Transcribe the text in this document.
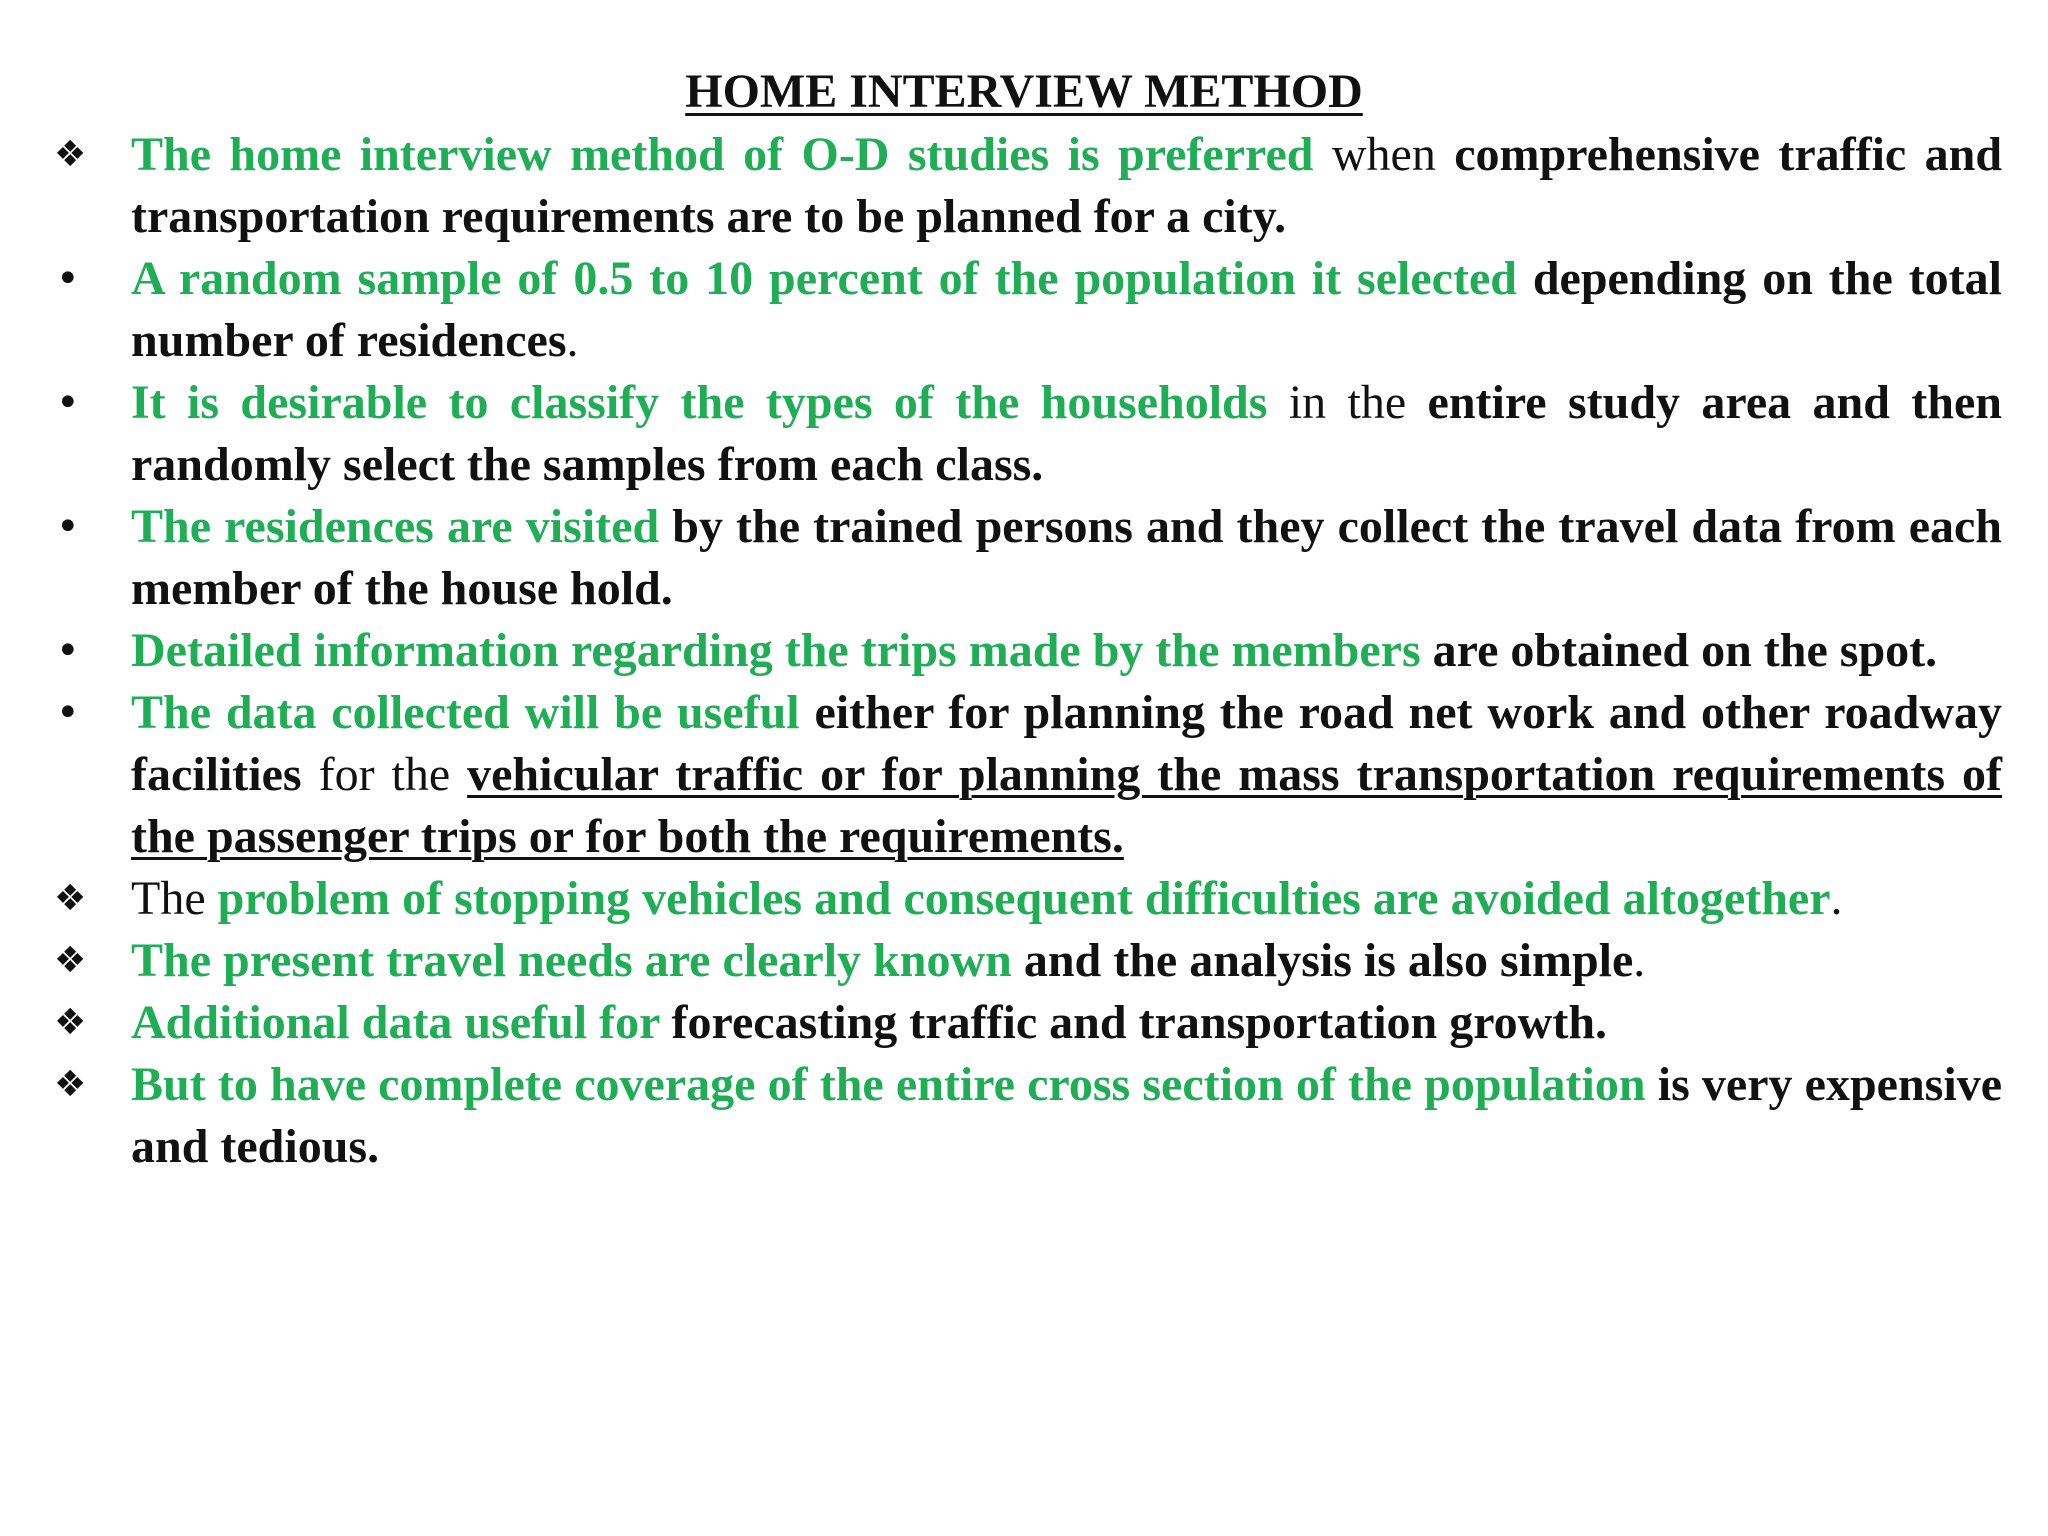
HOME INTERVIEW METHOD
❖ The home interview method of O-D studies is preferred when comprehensive traffic and transportation requirements are to be planned for a city.
•	A random sample of 0.5 to 10 percent of the population it selected depending on the total number of residences.
•	It is desirable to classify the types of the households in the entire study area and then randomly select the samples from each class.
•	The residences are visited by the trained persons and they collect the travel data from each member of the house hold.
•	Detailed information regarding the trips made by the members are obtained on the spot.
•	The data collected will be useful either for planning the road net work and other roadway facilities for the vehicular traffic or for planning the mass transportation requirements of the passenger trips or for both the requirements.
❖ The problem of stopping vehicles and consequent difficulties are avoided altogether.
❖ The present travel needs are clearly known and the analysis is also simple.
❖ Additional data useful for forecasting traffic and transportation growth.
❖ But to have complete coverage of the entire cross section of the population is very expensive and tedious.
